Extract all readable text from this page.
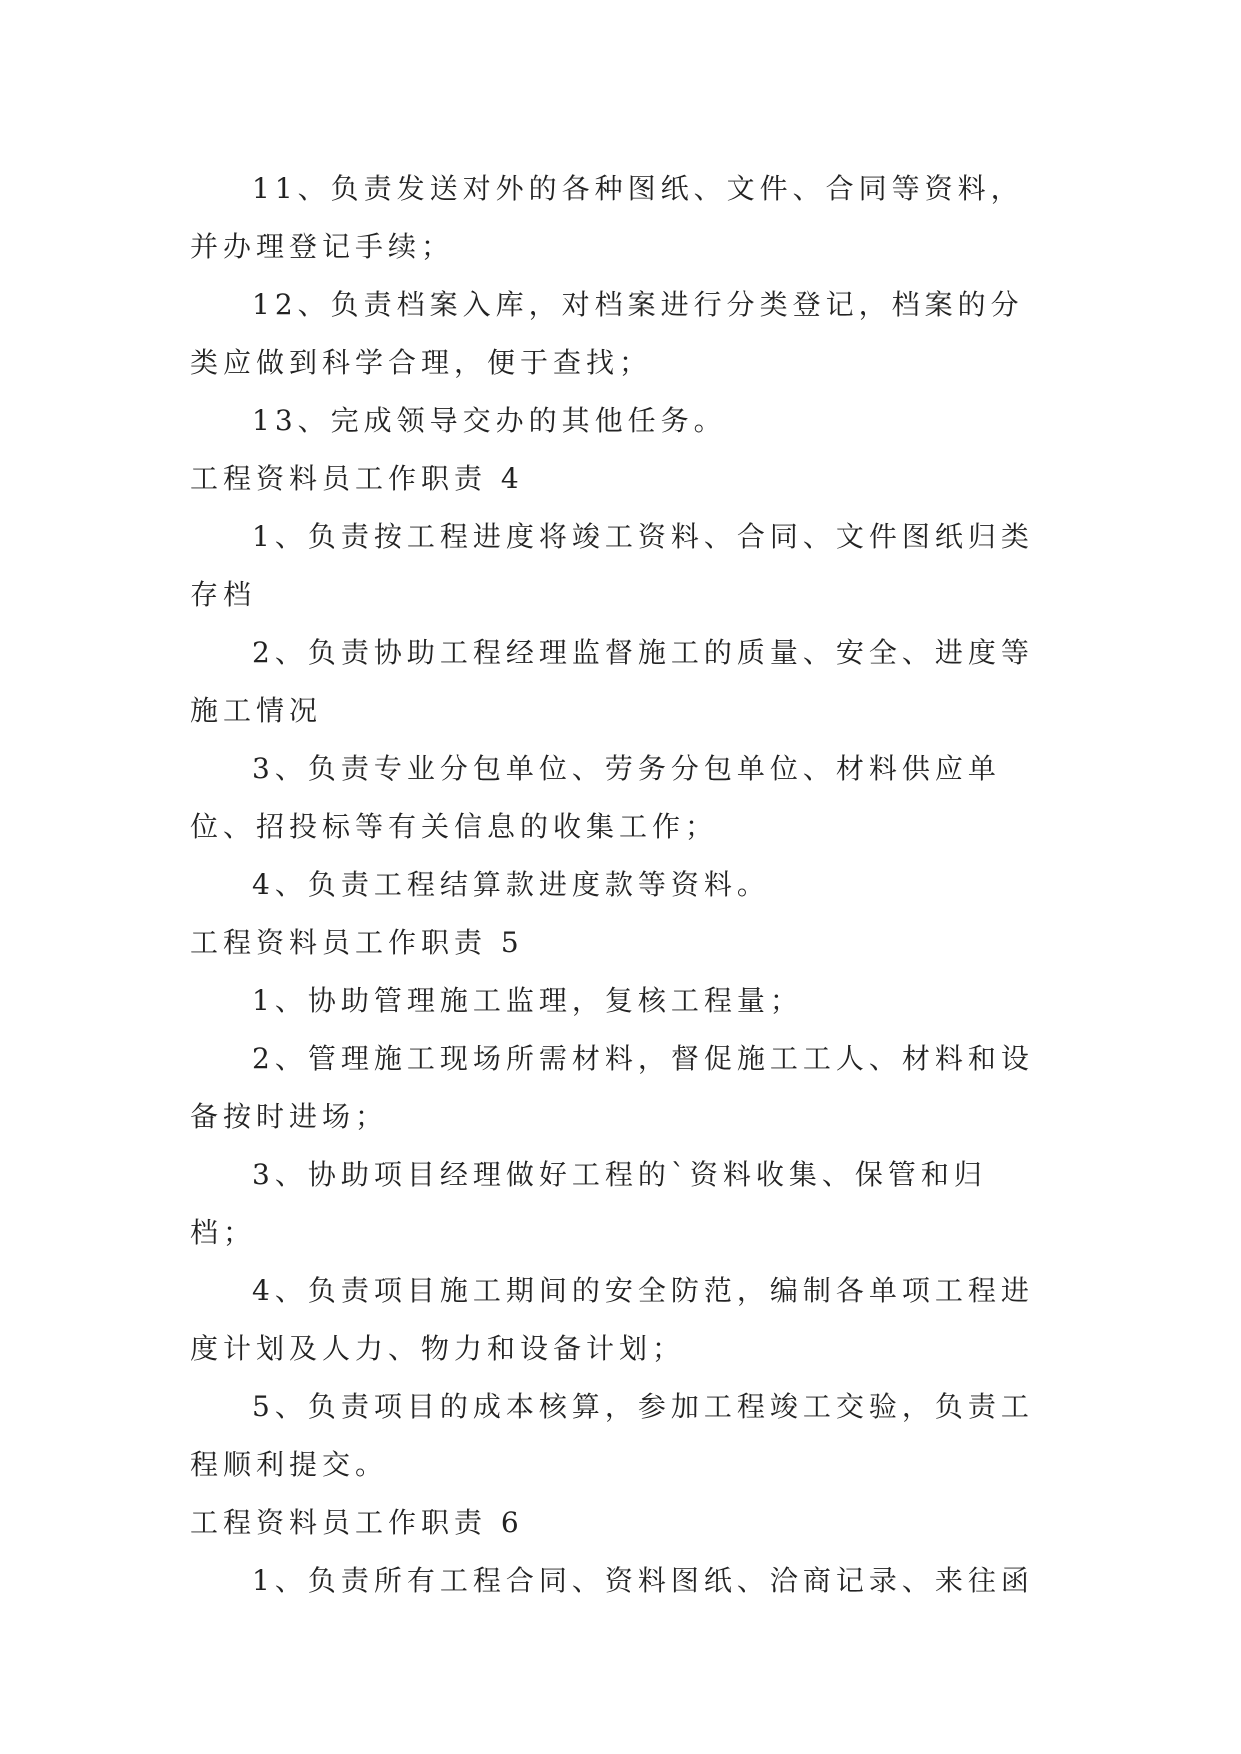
11、负责发送对外的各种图纸、文件、合同等资料，并办理登记手续；

12、负责档案入库，对档案进行分类登记，档案的分类应做到科学合理，便于查找；

13、完成领导交办的其他任务。

工程资料员工作职责 4

1、负责按工程进度将竣工资料、合同、文件图纸归类存档

2、负责协助工程经理监督施工的质量、安全、进度等施工情况

3、负责专业分包单位、劳务分包单位、材料供应单位、招投标等有关信息的收集工作；

4、负责工程结算款进度款等资料。

工程资料员工作职责 5

1、协助管理施工监理，复核工程量；

2、管理施工现场所需材料，督促施工工人、材料和设备按时进场；

3、协助项目经理做好工程的`资料收集、保管和归档；

4、负责项目施工期间的安全防范，编制各单项工程进度计划及人力、物力和设备计划；

5、负责项目的成本核算，参加工程竣工交验，负责工程顺利提交。

工程资料员工作职责 6

1、负责所有工程合同、资料图纸、洽商记录、来往函
